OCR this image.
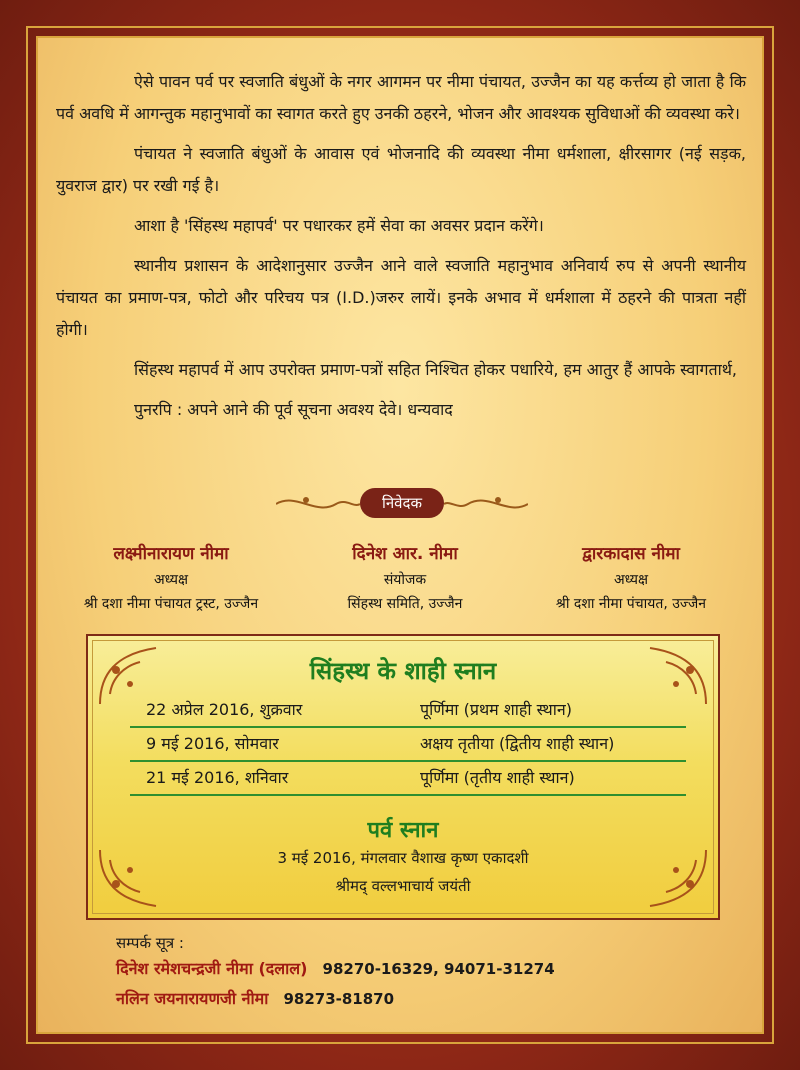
ऐसे पावन पर्व पर स्वजाति बंधुओं के नगर आगमन पर नीमा पंचायत, उज्जैन का यह कर्त्तव्य हो जाता है कि पर्व अवधि में आगन्तुक महानुभावों का स्वागत करते हुए उनकी ठहरने, भोजन और आवश्यक सुविधाओं की व्यवस्था करे।

पंचायत ने स्वजाति बंधुओं के आवास एवं भोजनादि की व्यवस्था नीमा धर्मशाला, क्षीरसागर (नई सड़क, युवराज द्वार) पर रखी गई है।

आशा है 'सिंहस्थ महापर्व' पर पधारकर हमें सेवा का अवसर प्रदान करेंगे।

स्थानीय प्रशासन के आदेशानुसार उज्जैन आने वाले स्वजाति महानुभाव अनिवार्य रुप से अपनी स्थानीय पंचायत का प्रमाण-पत्र, फोटो और परिचय पत्र (I.D.)जरुर लायें। इनके अभाव में धर्मशाला में ठहरने की पात्रता नहीं होगी।

सिंहस्थ महापर्व में आप उपरोक्त प्रमाण-पत्रों सहित निश्चित होकर पधारिये, हम आतुर हैं आपके स्वागतार्थ,

पुनरपि : अपने आने की पूर्व सूचना अवश्य देवे। धन्यवाद

निवेदक
लक्ष्मीनारायण नीमा
अध्यक्ष
श्री दशा नीमा पंचायत ट्रस्ट, उज्जैन
दिनेश आर. नीमा
संयोजक
सिंहस्थ समिति, उज्जैन
द्वारकादास नीमा
अध्यक्ष
श्री दशा नीमा पंचायत, उज्जैन
सिंहस्थ के शाही स्नान
22 अप्रेल 2016, शुक्रवार	पूर्णिमा (प्रथम शाही स्थान)
9 मई 2016, सोमवार	अक्षय तृतीया (द्वितीय शाही स्थान)
21 मई 2016, शनिवार	पूर्णिमा (तृतीय शाही स्थान)
पर्व स्नान
3 मई 2016, मंगलवार वैशाख कृष्ण एकादशी
श्रीमद् वल्लभाचार्य जयंती
सम्पर्क सूत्र :
दिनेश रमेशचन्द्रजी नीमा (दलाल) 98270-16329, 94071-31274
नलिन जयनारायणजी नीमा 98273-81870
